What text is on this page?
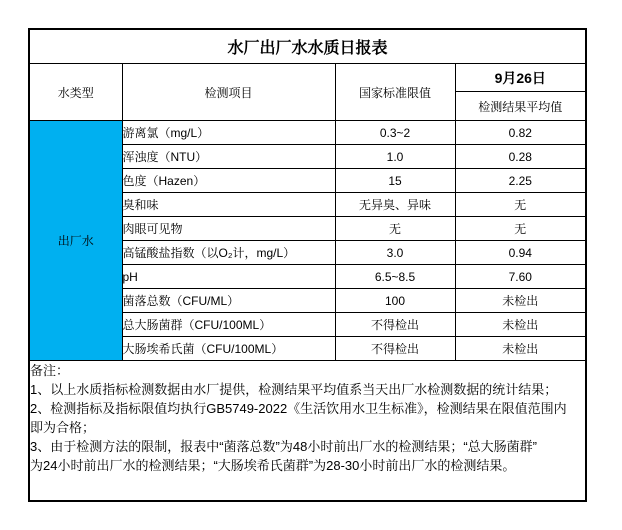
水厂出厂水水质日报表			
水类型	检测项目	国家标准限值	9月26日
			检测结果平均值
出厂水	游离氯（mg/L）	0.3~2	0.82
	浑浊度（NTU）	1.0	0.28
	色度（Hazen）	15	2.25
	臭和味	无异臭、异味	无
	肉眼可见物	无	无
	高锰酸盐指数（以O₂计，mg/L）	3.0	0.94
	pH	6.5~8.5	7.60
	菌落总数（CFU/ML）	100	未检出
	总大肠菌群（CFU/100ML）	不得检出	未检出
	大肠埃希氏菌（CFU/100ML）	不得检出	未检出

备注：
1、以上水质指标检测数据由水厂提供，检测结果平均值系当天出厂水检测数据的统计结果；
2、检测指标及指标限值均执行GB5749-2022《生活饮用水卫生标准》，检测结果在限值范围内
即为合格；
3、由于检测方法的限制，报表中“菌落总数”为48小时前出厂水的检测结果；“总大肠菌群”
为24小时前出厂水的检测结果；“大肠埃希氏菌群”为28-30小时前出厂水的检测结果。
